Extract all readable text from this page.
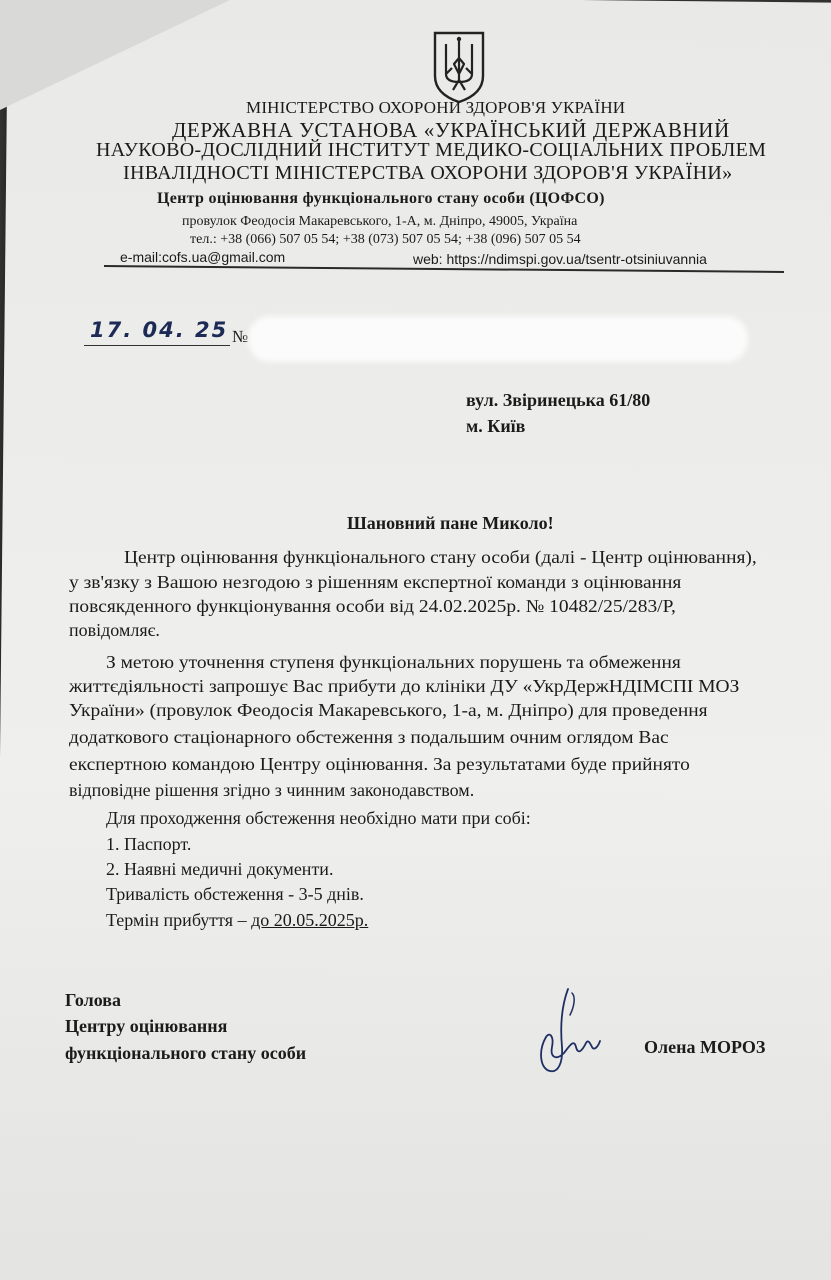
МІНІСТЕРСТВО ОХОРОНИ ЗДОРОВ'Я УКРАЇНИ
ДЕРЖАВНА УСТАНОВА «УКРАЇНСЬКИЙ ДЕРЖАВНИЙ
НАУКОВО-ДОСЛІДНИЙ ІНСТИТУТ МЕДИКО-СОЦІАЛЬНИХ ПРОБЛЕМ
ІНВАЛІДНОСТІ МІНІСТЕРСТВА ОХОРОНИ ЗДОРОВ'Я УКРАЇНИ»
Центр оцінювання функціонального стану особи (ЦОФСО)
провулок Феодосія Макаревського, 1-А, м. Дніпро, 49005, Україна
тел.: +38 (066) 507 05 54; +38 (073) 507 05 54; +38 (096) 507 05 54
e-mail:cofs.ua@gmail.com	web: https://ndimspi.gov.ua/tsentr-otsiniuvannia
17. 04. 25 №
вул. Звіринецька 61/80
м. Київ
Шановний пане Миколо!
Центр оцінювання функціонального стану особи (далі - Центр оцінювання),
у зв'язку з Вашою незгодою з рішенням експертної команди з оцінювання
повсякденного функціонування особи від 24.02.2025р. № 10482/25/283/Р,
повідомляє.
З метою уточнення ступеня функціональних порушень та обмеження
життєдіяльності запрошує Вас прибути до клініки ДУ «УкрДержНДІМСПІ МОЗ
України» (провулок Феодосія Макаревського, 1-а, м. Дніпро) для проведення
додаткового стаціонарного обстеження з подальшим очним оглядом Вас
експертною командою Центру оцінювання. За результатами буде прийнято
відповідне рішення згідно з чинним законодавством.
Для проходження обстеження необхідно мати при собі:
1. Паспорт.
2. Наявні медичні документи.
Тривалість обстеження - 3-5 днів.
Термін прибуття – до 20.05.2025р.
Голова
Центру оцінювання
функціонального стану особи	Олена МОРОЗ
